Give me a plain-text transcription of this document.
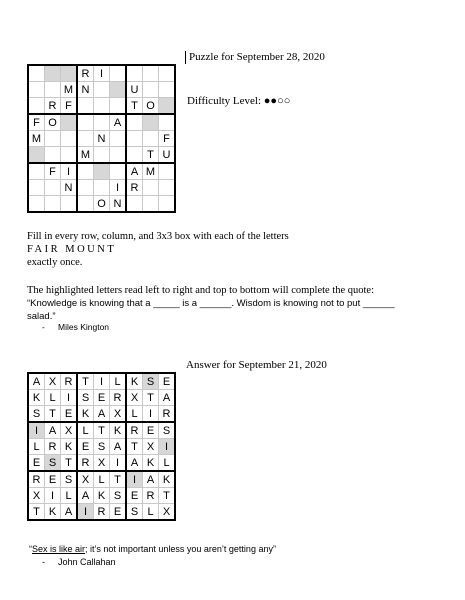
Puzzle for September 28, 2020
Difficulty Level: ●●○○
			R	I				
		M	N			U		
	R	F				T	O	
F	O				A			
M				N				F
			M				T	U
	F	I				A	M	
		N			I	R		
				O	N			
Fill in every row, column, and 3x3 box with each of the letters
FAIR MOUNT
exactly once.
The highlighted letters read left to right and top to bottom will complete the quote:
“Knowledge is knowing that a _____ is a ______. Wisdom is knowing not to put ______
salad.”
- Miles Kington
Answer for September 21, 2020
A	X	R	T	I	L	K	S	E
K	L	I	S	E	R	X	T	A
S	T	E	K	A	X	L	I	R
I	A	X	L	T	K	R	E	S
L	R	K	E	S	A	T	X	I
E	S	T	R	X	I	A	K	L
R	E	S	X	L	T	I	A	K
X	I	L	A	K	S	E	R	T
T	K	A	I	R	E	S	L	X
“Sex is like air; it’s not important unless you aren’t getting any”
- John Callahan
